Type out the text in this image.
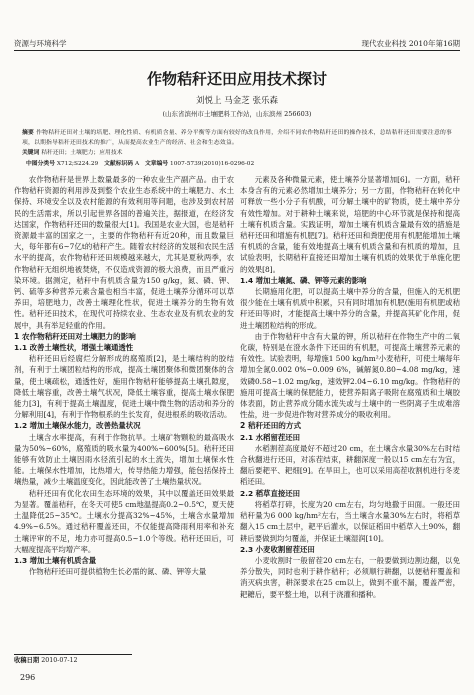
资源与环境科学	现代农业科技 2010年第16期
作物秸秆还田应用技术探讨
刘悦上 马金芝 张乐森
(山东省滨州市土壤肥料工作站，山东滨州 256603)
摘要 作物秸秆还田对土壤的培肥、理化性质、有机质含量、养分平衡等方面有较好的改良作用，介绍不同农作物秸秆还田的操作技术，总结秸秆还田需要注意的事项，以期指导秸秆还田技术的推广，从而提高农业生产的经济、社会和生态效益。
关键词 秸秆还田；土壤肥力；应用技术
中图分类号 X712;S224.29 文献标识码 A 文章编号 1007-5739(2010)16-0296-02

农作物秸秆是世界上数量最多的一种农业生产副产品。由于农作物秸秆资源的利用涉及到整个农业生态系统中的土壤肥力、水土保持、环境安全以及农村能源的有效利用等问题，也涉及到农村居民的生活需求，所以引起世界各国的普遍关注，据报道，在经济发达国家，作物秸秆还田的数量很大[1]。我国是农业大国，也是秸秆资源最丰富的国家之一，主要的作物秸秆有近20种，而且数量巨大，每年都有6~7亿t的秸秆产生。随着农村经济的发展和农民生活水平的提高，农作物秸秆还田规模越来越大，尤其是夏秋两季，农作物秸秆无组织地被焚烧，不仅造成资源的极大浪费，而且严重污染环境。据测定，秸秆中有机质含量为150 g/kg，氮、磷、钾、钙、硫等多种营养元素含量也相当丰富，促进土壤养分循环可以草养田，培肥地力，改善土壤理化性状，促进土壤养分的生物有效性。秸秆还田技术，在现代可持续农业、生态农业及有机农业的发展中，具有举足轻重的作用。

1 农作物秸秆还田对土壤肥力的影响
1.1 改善土壤性状，增强土壤通透性

秸秆还田后经腐烂分解形成的腐殖质[2]，是土壤结构的胶结剂，有利于土壤团粒结构的形成，提高土壤团聚体和微团聚体的含量，使土壤疏松，通透性好，施用作物秸秆能够提高土壤孔隙度，降低土壤容重，改善土壤气状况，降低土壤容重，提高土壤水保肥能力[3]，有利于提高土壤温度，促进土壤中微生物的活动和养分的分解利用[4]，有利于作物根系的生长发育，促进根系的吸收活动。

1.2 增加土壤保水能力，改善热量状况

土壤含水率提高，有利于作物抗旱。土壤矿物颗粒的最高吸水量为50%~60%，腐殖质的吸水量为400%~600%[5]。秸秆还田能够有效防止土壤因雨水径流引起的水土流失，增加土壤保水性能。土壤保水性增加，比热增大，传导热能力增强，能包括保持土壤热量，减少土壤温度变化，因此能改善了土壤热量状况。

秸秆还田有优化农田生态环境的效果，其中以覆盖还田效果最为显著。覆盖秸秆，在冬天可使5 cm地温提高0.2~0.5℃，夏天使土温降低25~35℃。土壤水分提高32%~45%，土壤含水量增加4.9%~6.5%。通过秸秆覆盖还田，不仅能提高降雨利用率和补充土壤评审的不足，地力亦可提高0.5~1.0个等级。秸秆还田后，可大幅度提高平均增产率。

1.3 增加土壤有机质含量

作物秸秆还田可提供植物生长必需的氮、磷、钾等大量

元素及各种微量元素，使土壤养分显著增加[6]。一方面，秸秆本身含有的元素必然增加土壤养分；另一方面，作物秸秆在转化中可释放一些小分子有机酸，可分解土壤中的矿物质，使土壤中养分有效性增加。对于耕种土壤来说，培肥的中心环节就是保持和提高土壤有机质含量。实践证明，增加土壤有机质含量最有效的措施是秸秆还田和增施有机肥[7]。秸秆还田和粪肥使用有机肥能增加土壤有机质的含量，能有效地提高土壤有机质含量和有机质的增加，且试验表明，长期秸秆直接还田增加土壤有机质的效果优于单施化肥的效果[8]。

1.4 增加土壤氮、磷、钾等元素的影响

长期施用化肥，可以提高土壤中养分的含量，但施入的无机肥很少能在土壤有机质中积累，只有同时增加有机肥(施用有机肥或秸秆还田等)时，才能提高土壤中养分的含量，并提高其矿化作用，促进土壤团粒结构的形成。

由于作物秸秆中含有大量的钾，所以秸秆在作物生产中的二氧化碳，特别是在澄水条件下还田的有机肥，可提高土壤营养元素的有效性。试验表明，每增施1 500 kg/hm²小麦秸秆，可使土壤每年增加全氮0.002 0%~0.009 6%，碱解氮0.80~4.08 mg/kg，速效磷0.58~1.02 mg/kg，速效钾2.04~6.10 mg/kg。作物秸秆的施用可提高土壤的保肥能力，使营养阳离子吸附在腐殖质和土壤胶体表面，防止营养成分随水流失或与土壤中的一些阴离子生成难溶性盐，进一步促进作物对营养成分的吸收利用。

2 秸秆还田的方式
2.1 水稻留茬还田

水稻割茬高度最好不超过20 cm，在土壤含水量30%左右时结合秋翻进行还田，对冻茬结束，耕翻深度一般以15 cm左右为宜，翻后要耙平、耙细[9]。在旱田上，也可以采用高茬收割机进行冬麦稻还田。

2.2 稻草直接还田

将稻草打碎，长度为20 cm左右，均匀地撒于田面。一般还田秸秆量为6 000 kg/hm²左右，当土壤含水量30%左右时，将稻草翻入15 cm土层中，耙平后灌水，以保证稻田中稻草入土90%，翻耕后要做到均匀覆盖，并保证土壤湿润[10]。

2.3 小麦收割留茬还田

小麦收割时一般留茬20 cm左右，一般要做到边割边翻，以免养分散失，同时也利于耕作秸秆；必须顺行耕翻，以便秸秆覆盖和消灭病虫害，耕深要求在25 cm以上，做到不重不漏，覆盖严密，耙耱后，要平整土地，以利于浇灌和播种。

收稿日期 2010-07-12
296
